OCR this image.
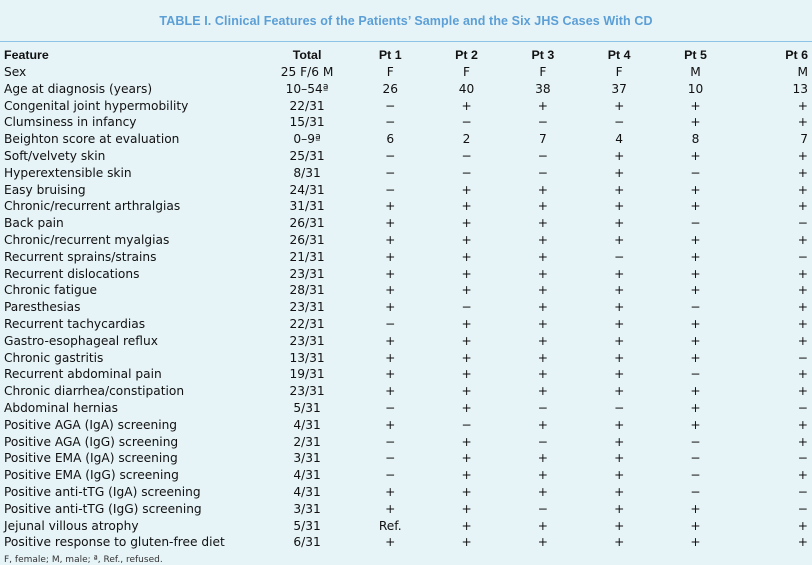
TABLE I. Clinical Features of the Patients’ Sample and the Six JHS Cases With CD
Feature	Total	Pt 1	Pt 2	Pt 3	Pt 4	Pt 5	Pt 6
Sex	25 F/6 M	F	F	F	F	M	M
Age at diagnosis (years)	10–54ª	26	40	38	37	10	13
Congenital joint hypermobility	22/31	−	+	+	+	+	+
Clumsiness in infancy	15/31	−	−	−	−	+	+
Beighton score at evaluation	0–9ª	6	2	7	4	8	7
Soft/velvety skin	25/31	−	−	−	+	+	+
Hyperextensible skin	8/31	−	−	−	+	−	+
Easy bruising	24/31	−	+	+	+	+	+
Chronic/recurrent arthralgias	31/31	+	+	+	+	+	+
Back pain	26/31	+	+	+	+	−	−
Chronic/recurrent myalgias	26/31	+	+	+	+	+	+
Recurrent sprains/strains	21/31	+	+	+	−	+	−
Recurrent dislocations	23/31	+	+	+	+	+	+
Chronic fatigue	28/31	+	+	+	+	+	+
Paresthesias	23/31	+	−	+	+	−	+
Recurrent tachycardias	22/31	−	+	+	+	+	+
Gastro-esophageal reflux	23/31	+	+	+	+	+	+
Chronic gastritis	13/31	+	+	+	+	+	−
Recurrent abdominal pain	19/31	+	+	+	+	−	+
Chronic diarrhea/constipation	23/31	+	+	+	+	+	+
Abdominal hernias	5/31	−	+	−	−	+	−
Positive AGA (IgA) screening	4/31	+	−	+	+	+	+
Positive AGA (IgG) screening	2/31	−	+	−	+	−	+
Positive EMA (IgA) screening	3/31	−	+	+	+	−	−
Positive EMA (IgG) screening	4/31	−	+	+	+	−	+
Positive anti-tTG (IgA) screening	4/31	+	+	+	+	−	−
Positive anti-tTG (IgG) screening	3/31	+	+	−	+	+	−
Jejunal villous atrophy	5/31	Ref.	+	+	+	+	+
Positive response to gluten-free diet	6/31	+	+	+	+	+	+
F, female; M, male; ª, Ref., refused.
